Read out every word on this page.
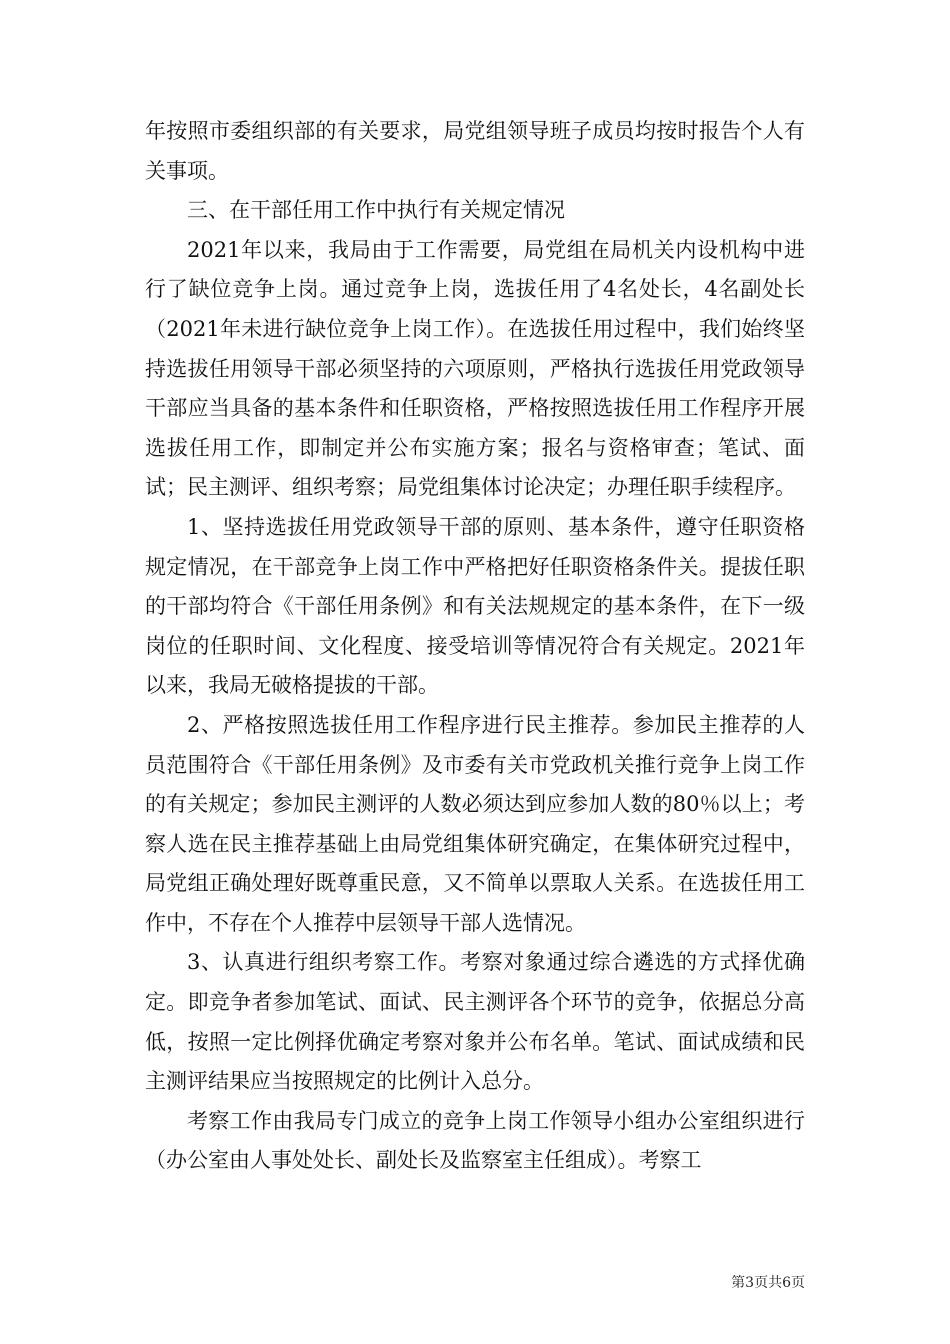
年按照市委组织部的有关要求，局党组领导班子成员均按时报告个人有关事项。

三、在干部任用工作中执行有关规定情况

2021年以来，我局由于工作需要，局党组在局机关内设机构中进行了缺位竞争上岗。通过竞争上岗，选拔任用了4名处长，4名副处长（2021年未进行缺位竞争上岗工作）。在选拔任用过程中，我们始终坚持选拔任用领导干部必须坚持的六项原则，严格执行选拔任用党政领导干部应当具备的基本条件和任职资格，严格按照选拔任用工作程序开展选拔任用工作，即制定并公布实施方案；报名与资格审查；笔试、面试；民主测评、组织考察；局党组集体讨论决定；办理任职手续程序。

1、坚持选拔任用党政领导干部的原则、基本条件，遵守任职资格规定情况，在干部竞争上岗工作中严格把好任职资格条件关。提拔任职的干部均符合《干部任用条例》和有关法规规定的基本条件，在下一级岗位的任职时间、文化程度、接受培训等情况符合有关规定。2021年以来，我局无破格提拔的干部。

2、严格按照选拔任用工作程序进行民主推荐。参加民主推荐的人员范围符合《干部任用条例》及市委有关市党政机关推行竞争上岗工作的有关规定；参加民主测评的人数必须达到应参加人数的80％以上；考察人选在民主推荐基础上由局党组集体研究确定，在集体研究过程中，局党组正确处理好既尊重民意，又不简单以票取人关系。在选拔任用工作中，不存在个人推荐中层领导干部人选情况。

3、认真进行组织考察工作。考察对象通过综合遴选的方式择优确定。即竞争者参加笔试、面试、民主测评各个环节的竞争，依据总分高低，按照一定比例择优确定考察对象并公布名单。笔试、面试成绩和民主测评结果应当按照规定的比例计入总分。

考察工作由我局专门成立的竞争上岗工作领导小组办公室组织进行（办公室由人事处处长、副处长及监察室主任组成）。考察工

第3页共6页
